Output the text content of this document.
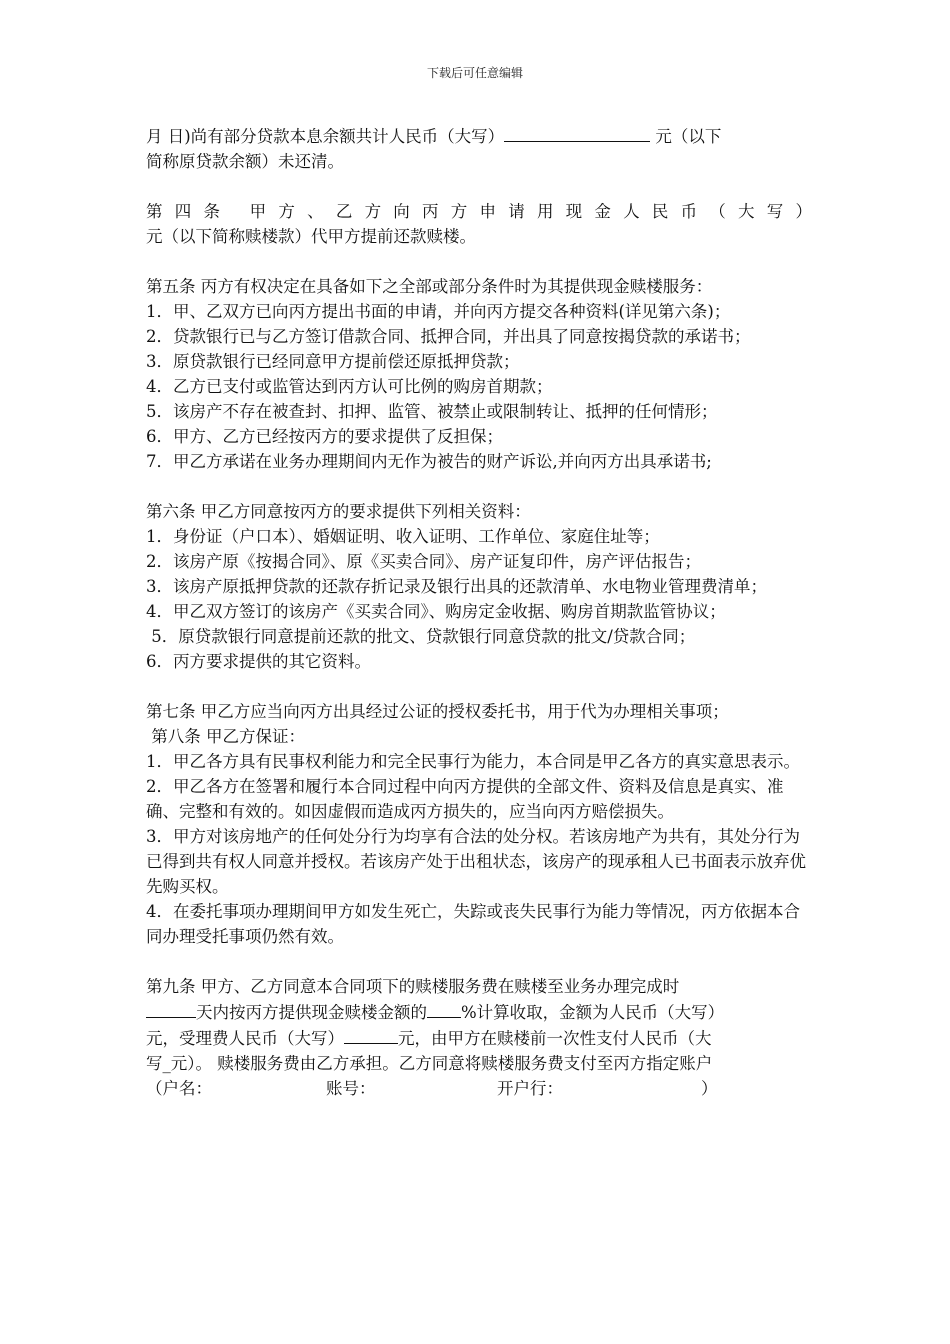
下载后可任意编辑

月 日)尚有部分贷款本息余额共计人民币（大写）	元（以下

简称原贷款余额）未还清。

第四条 甲方、乙方向丙方申请用现金人民币（大写）

元（以下简称赎楼款）代甲方提前还款赎楼。

第五条 丙方有权决定在具备如下之全部或部分条件时为其提供现金赎楼服务：

1．甲、乙双方已向丙方提出书面的申请，并向丙方提交各种资料(详见第六条)；

2．贷款银行已与乙方签订借款合同、抵押合同，并出具了同意按揭贷款的承诺书；

3．原贷款银行已经同意甲方提前偿还原抵押贷款；

4．乙方已支付或监管达到丙方认可比例的购房首期款；

5．该房产不存在被查封、扣押、监管、被禁止或限制转让、抵押的任何情形；

6．甲方、乙方已经按丙方的要求提供了反担保；

7．甲乙方承诺在业务办理期间内无作为被告的财产诉讼,并向丙方出具承诺书;

第六条 甲乙方同意按丙方的要求提供下列相关资料：

1．身份证（户口本）、婚姻证明、收入证明、工作单位、家庭住址等；

2．该房产原《按揭合同》、原《买卖合同》、房产证复印件，房产评估报告；

3．该房产原抵押贷款的还款存折记录及银行出具的还款清单、水电物业管理费清单；

4．甲乙双方签订的该房产《买卖合同》、购房定金收据、购房首期款监管协议；

5．原贷款银行同意提前还款的批文、贷款银行同意贷款的批文/贷款合同；

6．丙方要求提供的其它资料。

第七条 甲乙方应当向丙方出具经过公证的授权委托书，用于代为办理相关事项；

第八条 甲乙方保证：

1．甲乙各方具有民事权利能力和完全民事行为能力，本合同是甲乙各方的真实意思表示。

2．甲乙各方在签署和履行本合同过程中向丙方提供的全部文件、资料及信息是真实、准确、完整和有效的。如因虚假而造成丙方损失的，应当向丙方赔偿损失。

3．甲方对该房地产的任何处分行为均享有合法的处分权。若该房地产为共有，其处分行为已得到共有权人同意并授权。若该房产处于出租状态，该房产的现承租人已书面表示放弃优先购买权。

4．在委托事项办理期间甲方如发生死亡，失踪或丧失民事行为能力等情况，丙方依据本合同办理受托事项仍然有效。

第九条 甲方、乙方同意本合同项下的赎楼服务费在赎楼至业务办理完成时

天内按丙方提供现金赎楼金额的 %计算收取，金额为人民币（大写）

元，受理费人民币（大写）	元，由甲方在赎楼前一次性支付人民币（大

写_元）。 赎楼服务费由乙方承担。乙方同意将赎楼服务费支付至丙方指定账户

（户名：	账号：	开户行：	）
